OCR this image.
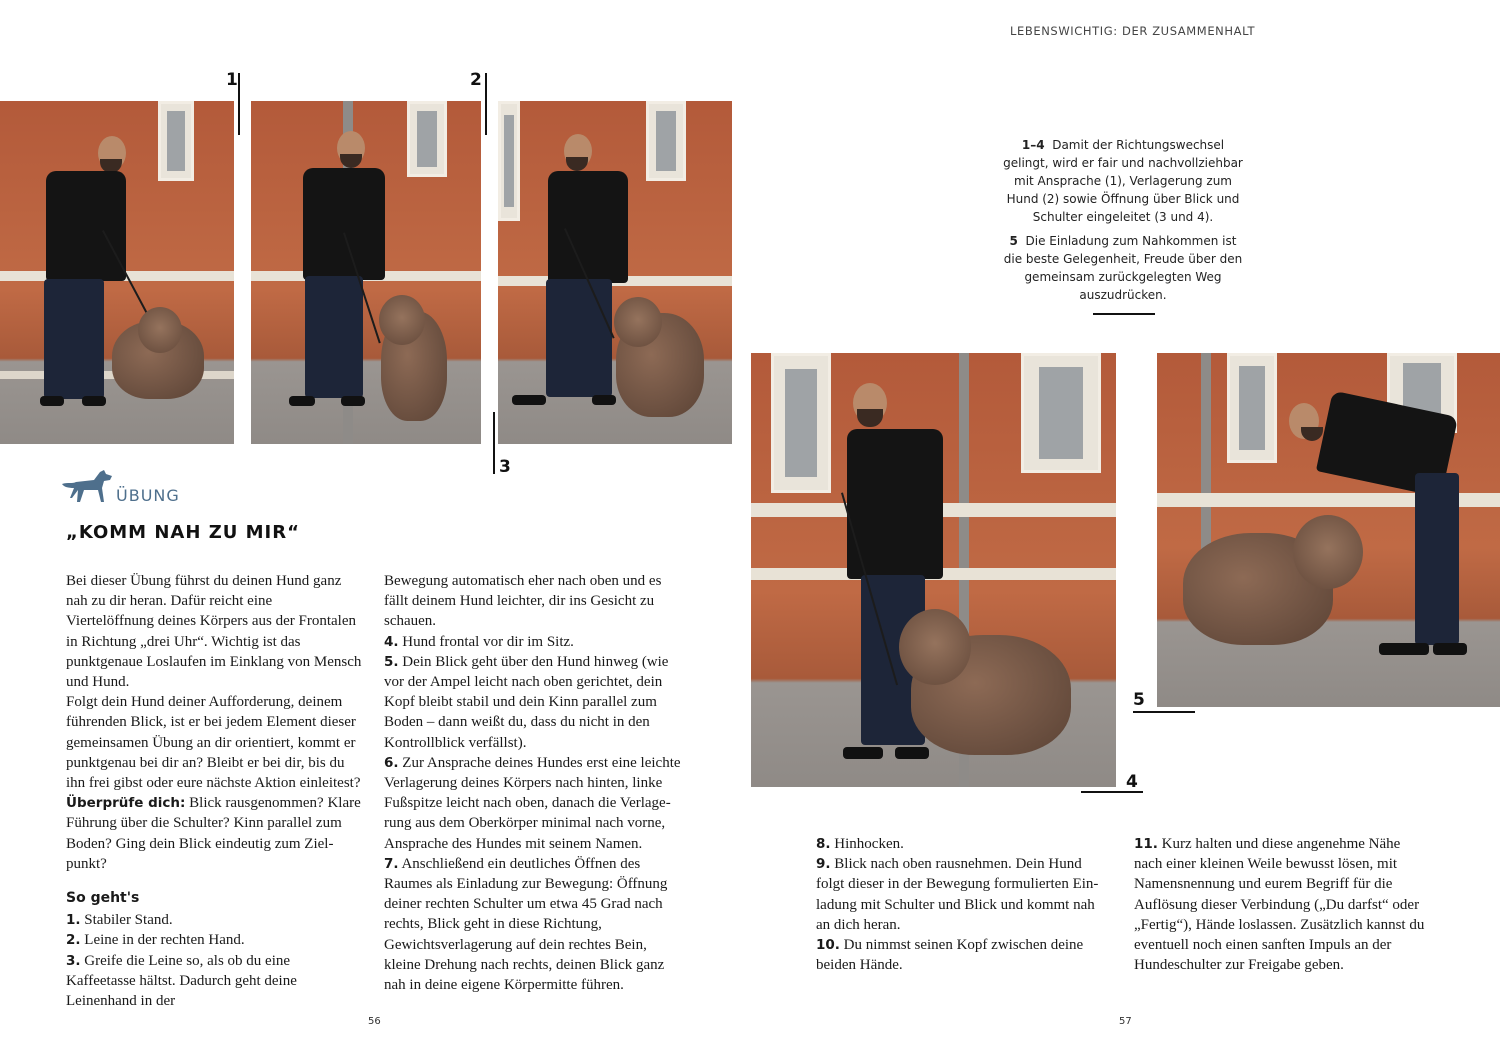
LEBENSWICHTIG: DER ZUSAMMENHALT
1	2
3

1–4 Damit der Richtungswechsel gelingt, wird er fair und nachvollziehbar mit Ansprache (1), Verlagerung zum Hund (2) sowie Öffnung über Blick und Schulter eingeleitet (3 und 4).

5 Die Einladung zum Nahkommen ist die beste Gelegenheit, Freude über den gemeinsam zurückgelegten Weg auszudrücken.

4
5
ÜBUNG
„KOMM NAH ZU MIR“

Bei dieser Übung führst du deinen Hund ganz nah zu dir heran. Dafür reicht eine Viertelöffnung deines Körpers aus der Frontalen in Richtung „drei Uhr“. Wichtig ist das punktgenaue Loslaufen im Einklang von Mensch und Hund.

Folgt dein Hund deiner Aufforderung, deinem führenden Blick, ist er bei jedem Element dieser gemeinsamen Übung an dir orientiert, kommt er punktgenau bei dir an? Bleibt er bei dir, bis du ihn frei gibst oder eure nächste Aktion einleitest?

Überprüfe dich: Blick rausgenommen? Klare Führung über die Schulter? Kinn parallel zum Boden? Ging dein Blick eindeutig zum Zielpunkt?

So geht's

1. Stabiler Stand.

2. Leine in der rechten Hand.

3. Greife die Leine so, als ob du eine Kaffeetasse hältst. Dadurch geht deine Leinenhand in der

Bewegung automatisch eher nach oben und es fällt deinem Hund leichter, dir ins Gesicht zu schauen.

4. Hund frontal vor dir im Sitz.

5. Dein Blick geht über den Hund hinweg (wie vor der Ampel leicht nach oben gerichtet, dein Kopf bleibt stabil und dein Kinn parallel zum Boden – dann weißt du, dass du nicht in den Kontrollblick verfällst).

6. Zur Ansprache deines Hundes erst eine leichte Verlagerung deines Körpers nach hinten, linke Fußspitze leicht nach oben, danach die Verlagerung aus dem Oberkörper minimal nach vorne, Ansprache des Hundes mit seinem Namen.

7. Anschließend ein deutliches Öffnen des Raumes als Einladung zur Bewegung: Öffnung deiner rechten Schulter um etwa 45 Grad nach rechts, Blick geht in diese Richtung, Gewichtsverlagerung auf dein rechtes Bein, kleine Drehung nach rechts, deinen Blick ganz nah in deine eigene Körpermitte führen.

8. Hinhocken.

9. Blick nach oben rausnehmen. Dein Hund folgt dieser in der Bewegung formulierten Einladung mit Schulter und Blick und kommt nah an dich heran.

10. Du nimmst seinen Kopf zwischen deine beiden Hände.

11. Kurz halten und diese angenehme Nähe nach einer kleinen Weile bewusst lösen, mit Namensnennung und eurem Begriff für die Auflösung dieser Verbindung („Du darfst“ oder „Fertig“), Hände loslassen. Zusätzlich kannst du eventuell noch einen sanften Impuls an der Hundeschulter zur Freigabe geben.

56	57
